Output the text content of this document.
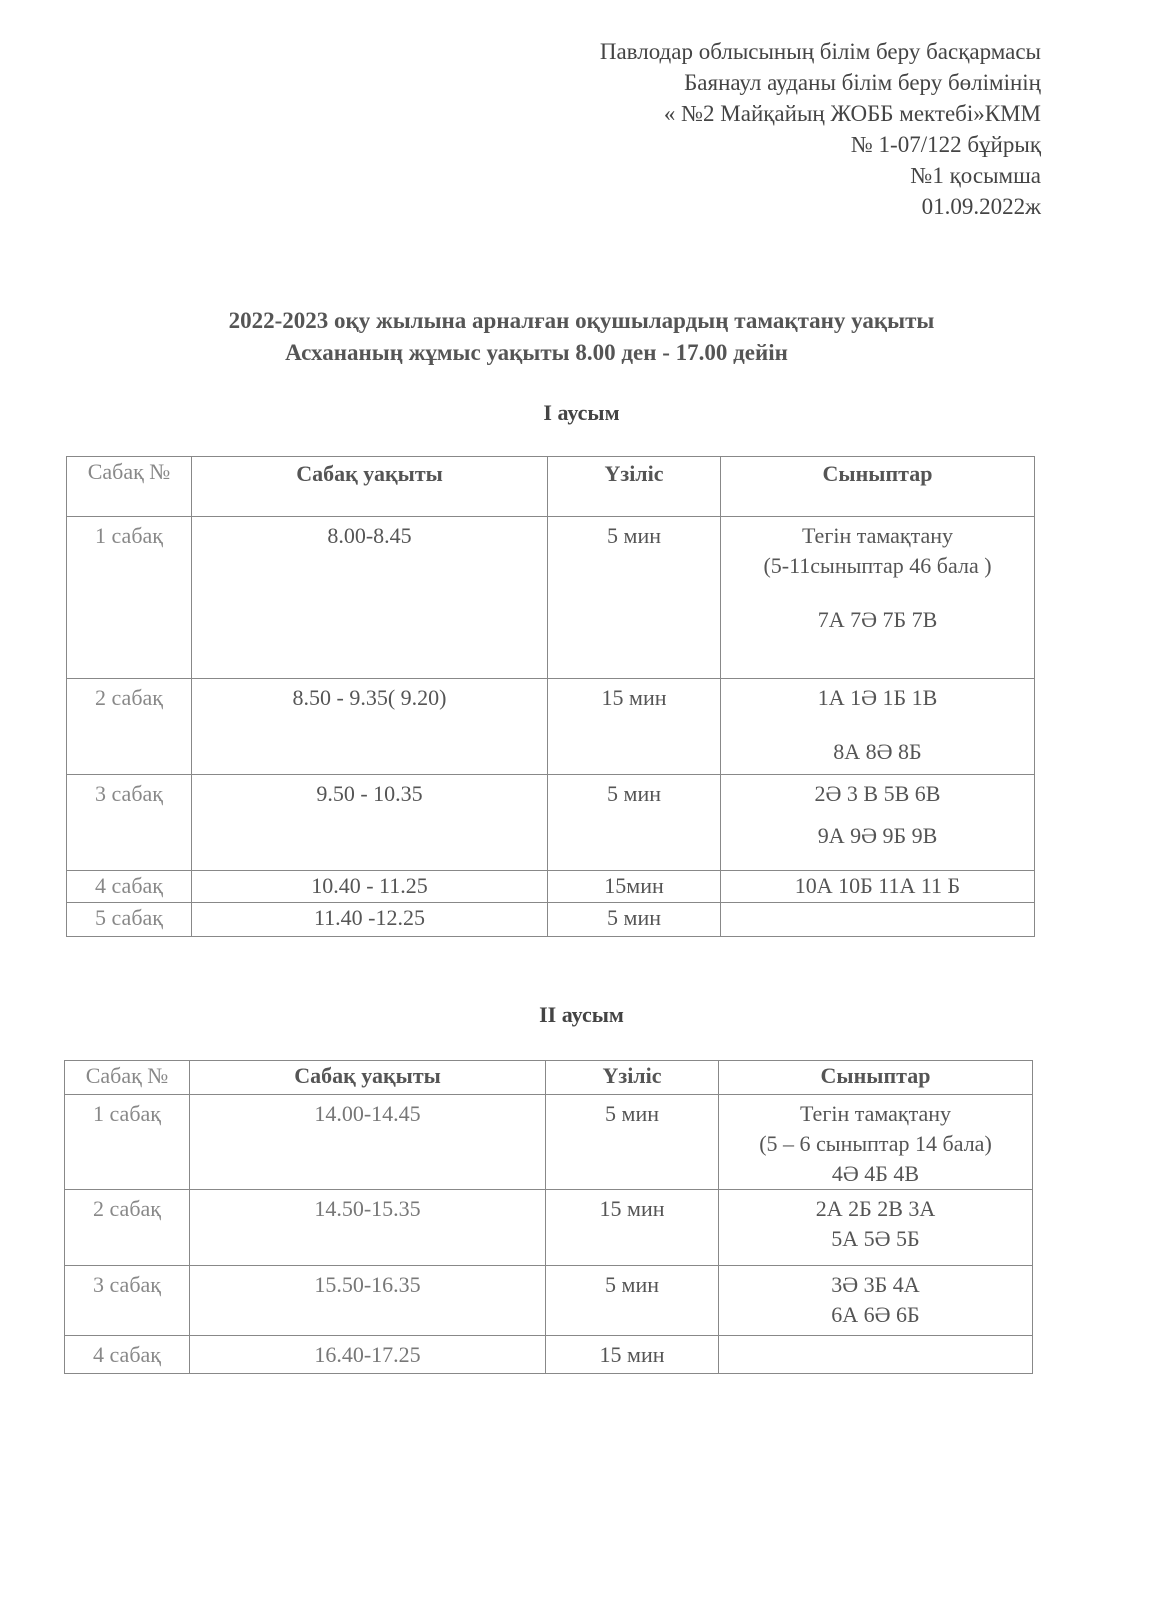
Павлодар облысының білім беру басқармасы
Баянаул ауданы білім беру бөлімінің
« №2 Майқайың ЖОББ мектебі»КММ
№ 1-07/122 бұйрық
№1 қосымша
01.09.2022ж
2022-2023 оқу жылына арналған оқушылардың тамақтану уақыты
Асхананың жұмыс уақыты 8.00 ден - 17.00 дейін
I аусым
Сабақ №	Сабақ уақыты	Үзіліс	Сыныптар
1 сабақ	8.00-8.45	5 мин	Тегін тамақтану
(5-11сыныптар 46 бала )
7А 7Ә 7Б 7В

2 сабақ	8.50 - 9.35( 9.20)	15 мин	1А 1Ә 1Б 1В
8А 8Ә 8Б

3 сабақ	9.50 - 10.35	5 мин	2Ә 3 В 5В 6В
9А 9Ә 9Б 9В

4 сабақ	10.40 - 11.25	15мин	10А 10Б 11А 11 Б
5 сабақ	11.40 -12.25	5 мин	
II аусым
Сабақ №	Сабақ уақыты	Үзіліс	Сыныптар
1 сабақ	14.00-14.45	5 мин	Тегін тамақтану
(5 – 6 сыныптар 14 бала)
4Ә 4Б 4В

2 сабақ	14.50-15.35	15 мин	2А 2Б 2В 3А
5А 5Ә 5Б

3 сабақ	15.50-16.35	5 мин	3Ә 3Б 4А
6А 6Ә 6Б

4 сабақ	16.40-17.25	15 мин	
